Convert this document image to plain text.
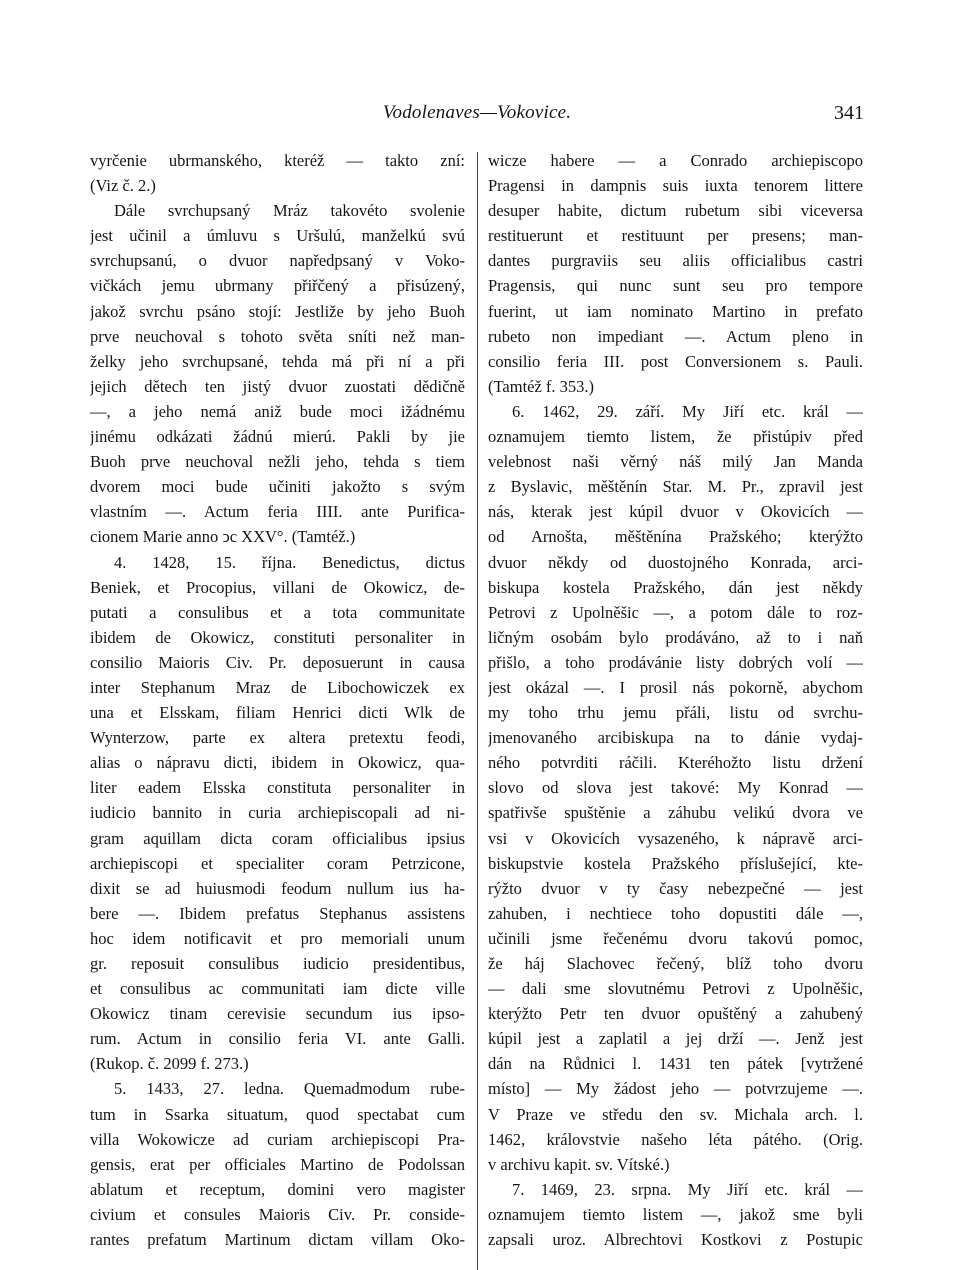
Vodolenaves—Vokovice.	341
vyrčenie ubrmanského, kteréž — takto zní:
(Viz č. 2.)
Dále svrchupsaný Mráz takovéto svolenie
jest učinil a úmluvu s Uršulú, manželkú svú
svrchupsanú, o dvuor napředpsaný v Voko-
vičkách jemu ubrmany přiřčený a přisúzený,
jakož svrchu psáno stojí: Jestliže by jeho Buoh
prve neuchoval s tohoto světa sníti než man-
želky jeho svrchupsané, tehda má při ní a při
jejich dětech ten jistý dvuor zuostati dědičně
—, a jeho nemá aniž bude moci ižádnému
jinému odkázati žádnú mierú. Pakli by jie
Buoh prve neuchoval nežli jeho, tehda s tiem
dvorem moci bude učiniti jakožto s svým
vlastním —. Actum feria IIII. ante Purifica-
cionem Marie anno ͻc XXV°. (Tamtéž.)
4. 1428, 15. října. Benedictus, dictus
Beniek, et Procopius, villani de Okowicz, de-
putati a consulibus et a tota communitate
ibidem de Okowicz, constituti personaliter in
consilio Maioris Civ. Pr. deposuerunt in causa
inter Stephanum Mraz de Libochowiczek ex
una et Elsskam, filiam Henrici dicti Wlk de
Wynterzow, parte ex altera pretextu feodi,
alias o nápravu dicti, ibidem in Okowicz, qua-
liter eadem Elsska constituta personaliter in
iudicio bannito in curia archiepiscopali ad ni-
gram aquillam dicta coram officialibus ipsius
archiepiscopi et specialiter coram Petrzicone,
dixit se ad huiusmodi feodum nullum ius ha-
bere —. Ibidem prefatus Stephanus assistens
hoc idem notificavit et pro memoriali unum
gr. reposuit consulibus iudicio presidentibus,
et consulibus ac communitati iam dicte ville
Okowicz tinam cerevisie secundum ius ipso-
rum. Actum in consilio feria VI. ante Galli.
(Rukop. č. 2099 f. 273.)
5. 1433, 27. ledna. Quemadmodum rube-
tum in Ssarka situatum, quod spectabat cum
villa Wokowicze ad curiam archiepiscopi Pra-
gensis, erat per officiales Martino de Podolssan
ablatum et receptum, domini vero magister
civium et consules Maioris Civ. Pr. conside-
rantes prefatum Martinum dictam villam Oko-
wicze habere — a Conrado archiepiscopo
Pragensi in dampnis suis iuxta tenorem littere
desuper habite, dictum rubetum sibi viceversa
restituerunt et restituunt per presens; man-
dantes purgraviis seu aliis officialibus castri
Pragensis, qui nunc sunt seu pro tempore
fuerint, ut iam nominato Martino in prefato
rubeto non impediant —. Actum pleno in
consilio feria III. post Conversionem s. Pauli.
(Tamtéž f. 353.)
6. 1462, 29. září. My Jiří etc. král —
oznamujem tiemto listem, že přistúpiv před
velebnost naši věrný náš milý Jan Manda
z Byslavic, měštěnín Star. M. Pr., zpravil jest
nás, kterak jest kúpil dvuor v Okovicích —
od Arnošta, měštěnína Pražského; kterýžto
dvuor někdy od duostojného Konrada, arci-
biskupa kostela Pražského, dán jest někdy
Petrovi z Upolněšic —, a potom dále to roz-
ličným osobám bylo prodáváno, až to i naň
přišlo, a toho prodávánie listy dobrých volí —
jest okázal —. I prosil nás pokorně, abychom
my toho trhu jemu přáli, listu od svrchu-
jmenovaného arcibiskupa na to dánie vydaj-
ného potvrditi ráčili. Kteréhožto listu držení
slovo od slova jest takové: My Konrad —
spatřivše spuštěnie a záhubu velikú dvora ve
vsi v Okovicích vysazeného, k nápravě arci-
biskupstvie kostela Pražského příslušející, kte-
rýžto dvuor v ty časy nebezpečné — jest
zahuben, i nechtiece toho dopustiti dále —,
učinili jsme řečenému dvoru takovú pomoc,
že háj Slachovec řečený, blíž toho dvoru
— dali sme slovutnému Petrovi z Upolněšic,
kterýžto Petr ten dvuor opuštěný a zahubený
kúpil jest a zaplatil a jej drží —. Jenž jest
dán na Růdnici l. 1431 ten pátek [vytržené
místo] — My žádost jeho — potvrzujeme —.
V Praze ve středu den sv. Michala arch. l.
1462, královstvie našeho léta pátého. (Orig.
v archivu kapit. sv. Vítské.)
7. 1469, 23. srpna. My Jiří etc. král —
oznamujem tiemto listem —, jakož sme byli
zapsali uroz. Albrechtovi Kostkovi z Postupic
